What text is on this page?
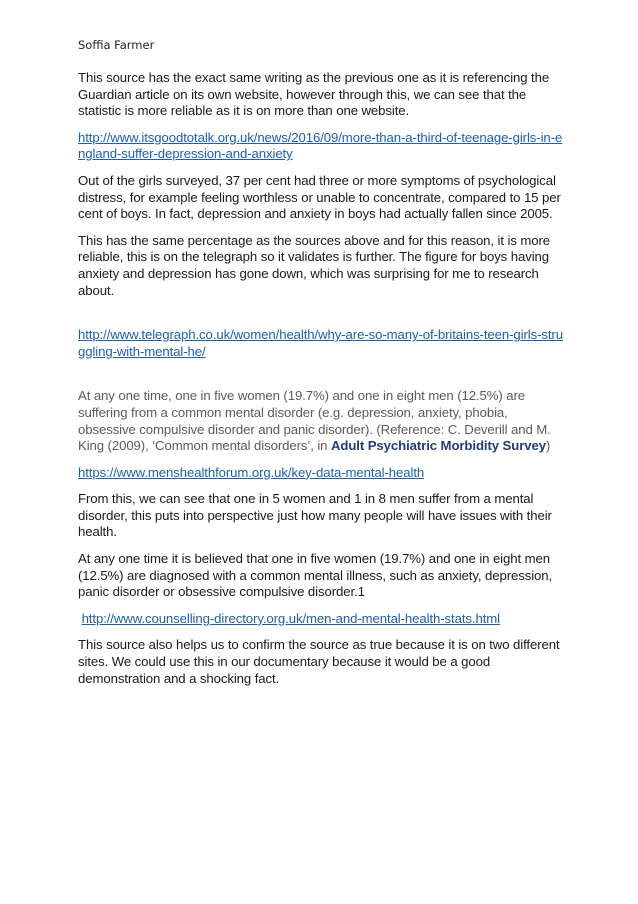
Soffia Farmer

This source has the exact same writing as the previous one as it is referencing the Guardian article on its own website, however through this, we can see that the statistic is more reliable as it is on more than one website.

http://www.itsgoodtotalk.org.uk/news/2016/09/more-than-a-third-of-teenage-girls-in-england-suffer-depression-and-anxiety

Out of the girls surveyed, 37 per cent had three or more symptoms of psychological distress, for example feeling worthless or unable to concentrate, compared to 15 per cent of boys. In fact, depression and anxiety in boys had actually fallen since 2005.

This has the same percentage as the sources above and for this reason, it is more reliable, this is on the telegraph so it validates is further. The figure for boys having anxiety and depression has gone down, which was surprising for me to research about.

http://www.telegraph.co.uk/women/health/why-are-so-many-of-britains-teen-girls-struggling-with-mental-he/

At any one time, one in five women (19.7%) and one in eight men (12.5%) are suffering from a common mental disorder (e.g. depression, anxiety, phobia, obsessive compulsive disorder and panic disorder). (Reference: C. Deverill and M. King (2009), ‘Common mental disorders’, in Adult Psychiatric Morbidity Survey)

https://www.menshealthforum.org.uk/key-data-mental-health

From this, we can see that one in 5 women and 1 in 8 men suffer from a mental disorder, this puts into perspective just how many people will have issues with their health.

At any one time it is believed that one in five women (19.7%) and one in eight men (12.5%) are diagnosed with a common mental illness, such as anxiety, depression, panic disorder or obsessive compulsive disorder.1

http://www.counselling-directory.org.uk/men-and-mental-health-stats.html

This source also helps us to confirm the source as true because it is on two different sites. We could use this in our documentary because it would be a good demonstration and a shocking fact.
